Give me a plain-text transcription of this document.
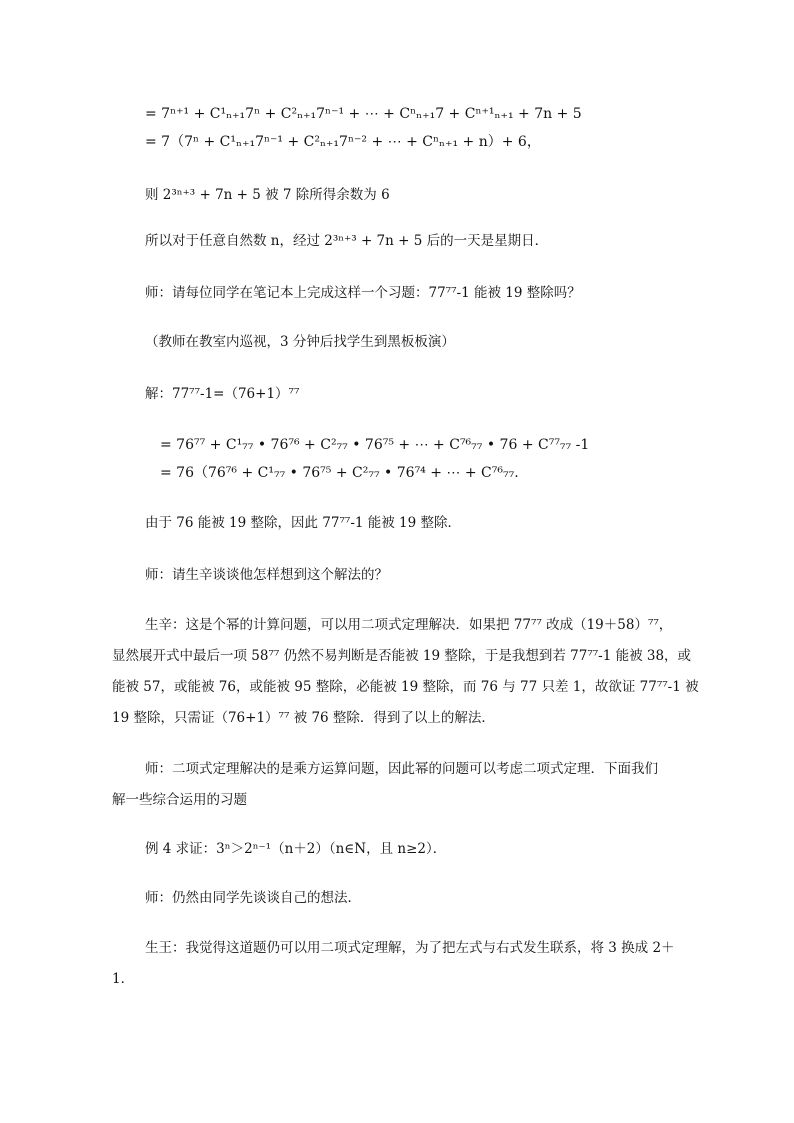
= 7ⁿ⁺¹ + C¹ₙ₊₁7ⁿ + C²ₙ₊₁7ⁿ⁻¹ + ⋯ + Cⁿₙ₊₁7 + Cⁿ⁺¹ₙ₊₁ + 7n + 5
= 7（7ⁿ + C¹ₙ₊₁7ⁿ⁻¹ + C²ₙ₊₁7ⁿ⁻² + ⋯ + Cⁿₙ₊₁ + n）+ 6，
则 2³ⁿ⁺³ + 7n + 5 被 7 除所得余数为 6
所以对于任意自然数 n，经过 2³ⁿ⁺³ + 7n + 5 后的一天是星期日．
师：请每位同学在笔记本上完成这样一个习题：77⁷⁷-1 能被 19 整除吗？
（教师在教室内巡视，3 分钟后找学生到黑板板演）
解：77⁷⁷-1=（76+1）⁷⁷
= 76⁷⁷ + C¹₇₇ • 76⁷⁶ + C²₇₇ • 76⁷⁵ + ⋯ + C⁷⁶₇₇ • 76 + C⁷⁷₇₇ -1
= 76（76⁷⁶ + C¹₇₇ • 76⁷⁵ + C²₇₇ • 76⁷⁴ + ⋯ + C⁷⁶₇₇.
由于 76 能被 19 整除，因此 77⁷⁷-1 能被 19 整除．
师：请生辛谈谈他怎样想到这个解法的？
生辛：这是个幂的计算问题，可以用二项式定理解决．如果把 77⁷⁷ 改成（19＋58）⁷⁷，
显然展开式中最后一项 58⁷⁷ 仍然不易判断是否能被 19 整除，于是我想到若 77⁷⁷-1 能被 38，或
能被 57，或能被 76，或能被 95 整除，必能被 19 整除，而 76 与 77 只差 1，故欲证 77⁷⁷-1 被
19 整除，只需证（76+1）⁷⁷ 被 76 整除．得到了以上的解法．
师：二项式定理解决的是乘方运算问题，因此幂的问题可以考虑二项式定理．下面我们
解一些综合运用的习题
例 4 求证：3ⁿ＞2ⁿ⁻¹（n＋2）（n∈N，且 n≥2）．
师：仍然由同学先谈谈自己的想法．
生王：我觉得这道题仍可以用二项式定理解，为了把左式与右式发生联系，将 3 换成 2＋
1．
